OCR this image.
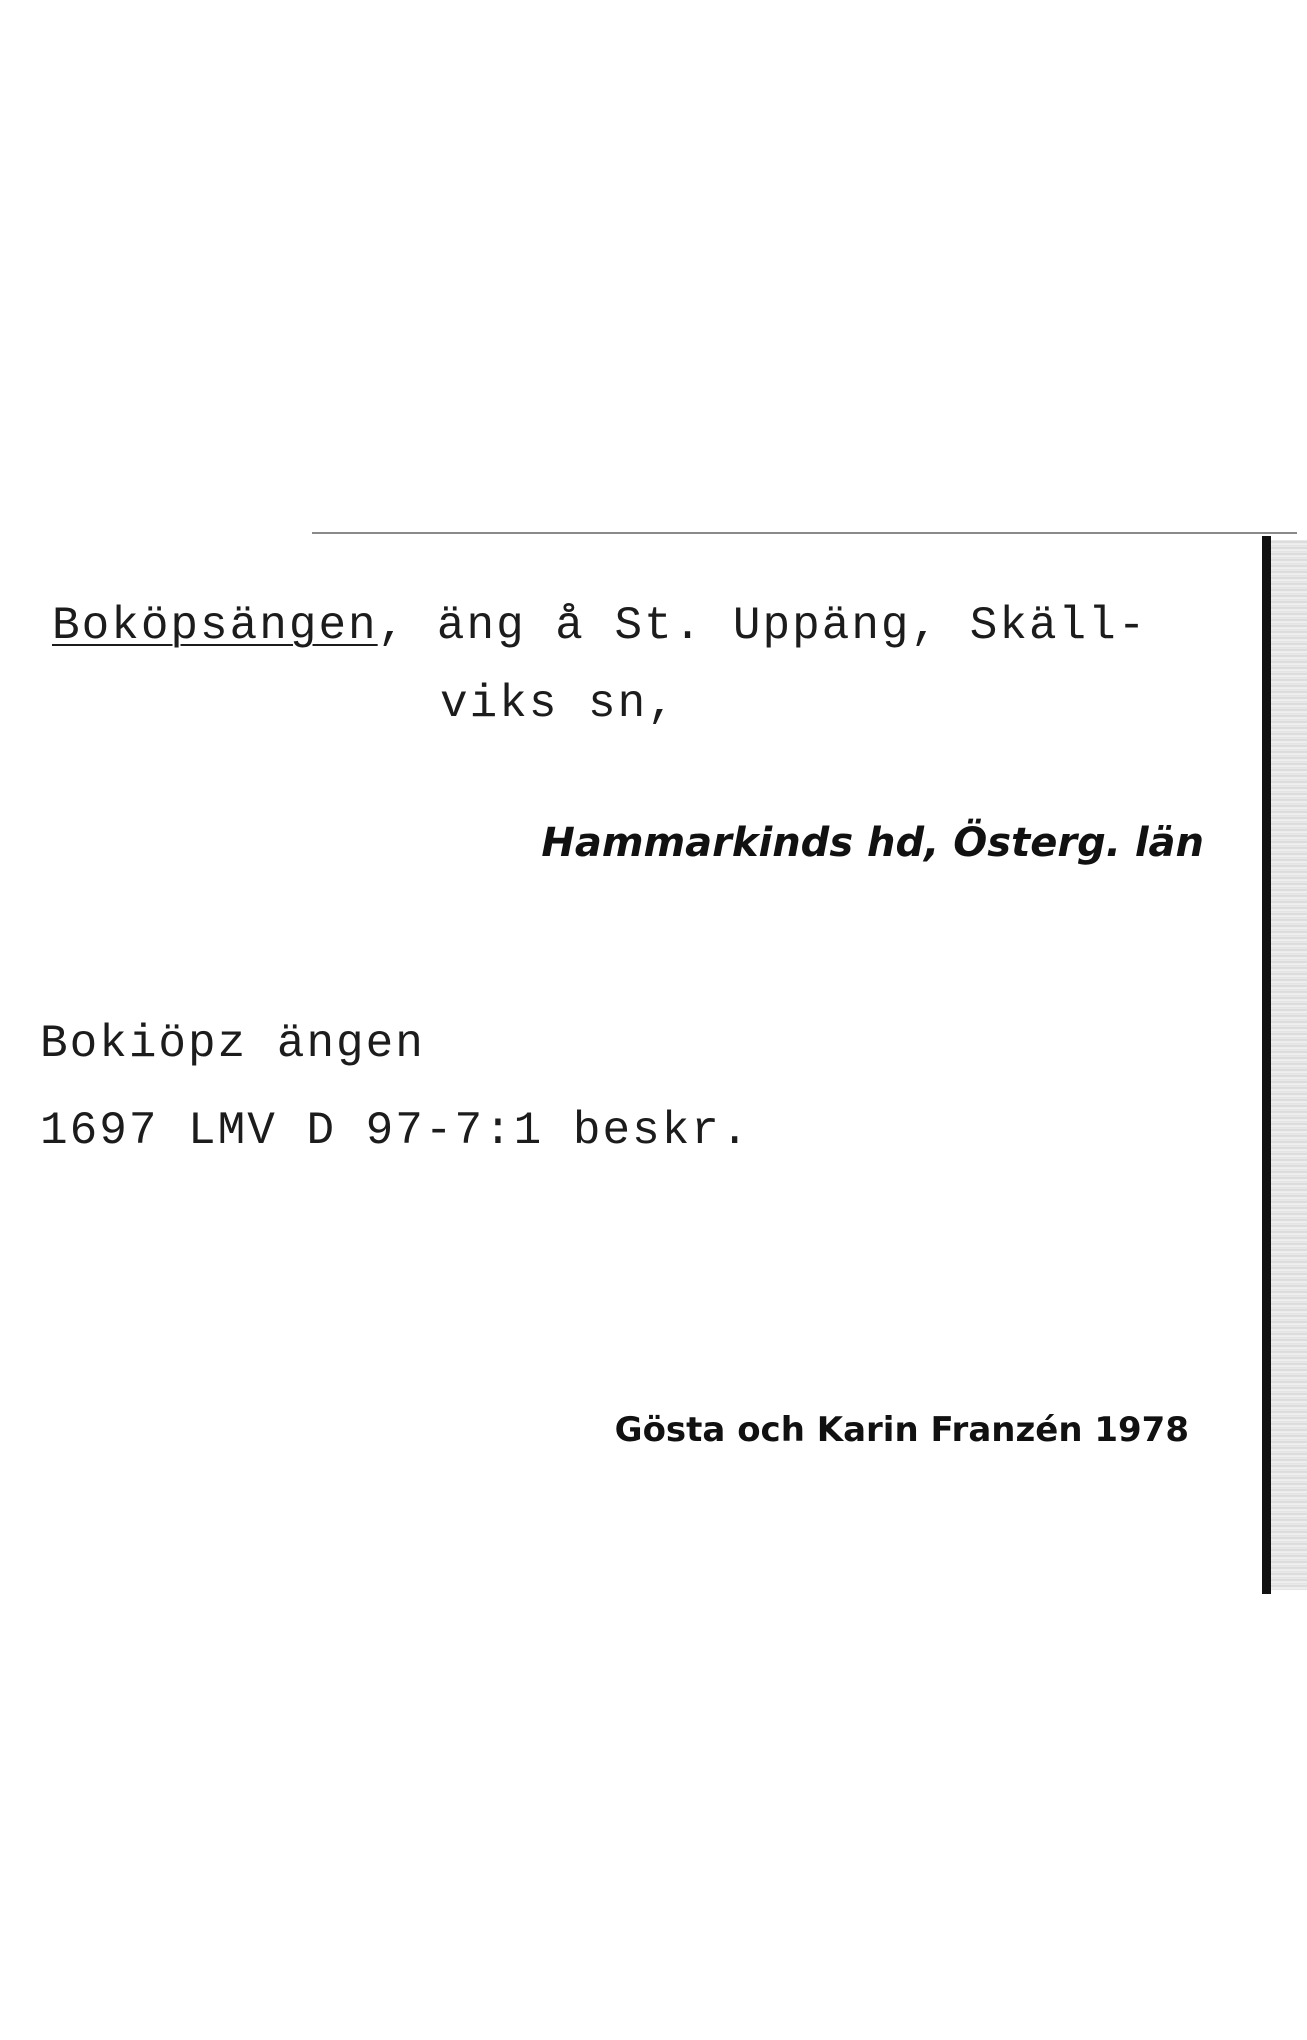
Boköpsängen, äng å St. Uppäng, Skäll-

viks sn,

Hammarkinds hd, Österg. län

Bokiöpz ängen

1697 LMV D 97-7:1 beskr.

Gösta och Karin Franzén 1978
